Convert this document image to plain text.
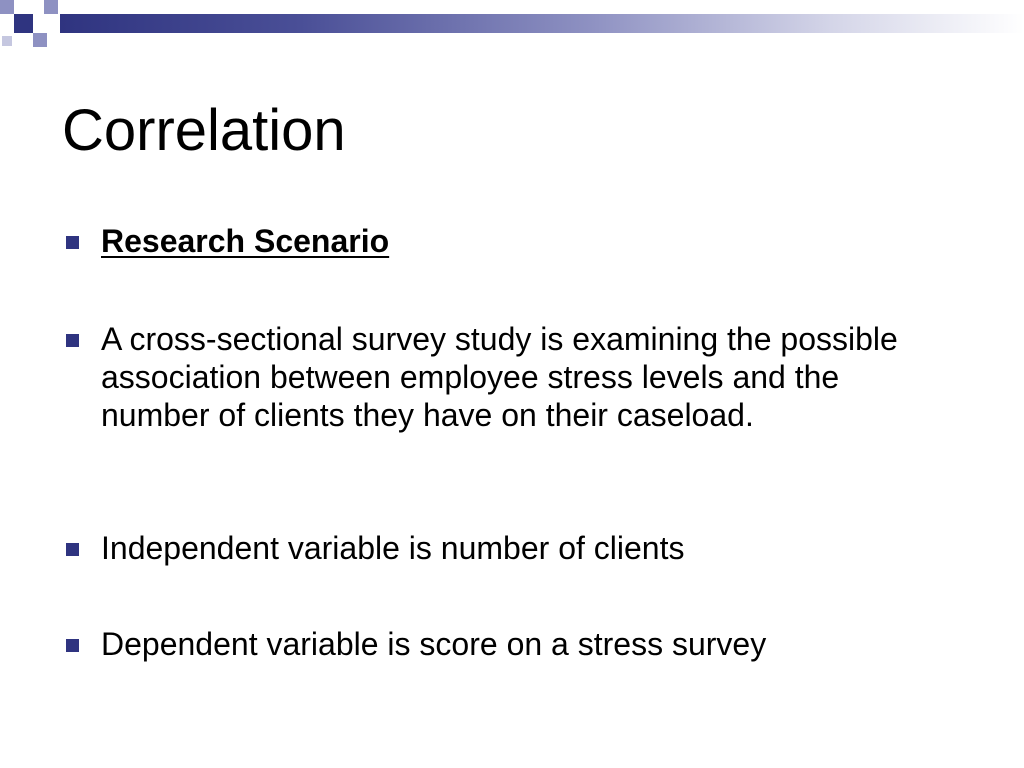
Correlation
Research Scenario
A cross-sectional survey study is examining the possible association between employee stress levels and the number of clients they have on their caseload.
Independent variable is number of clients
Dependent variable is score on a stress survey
